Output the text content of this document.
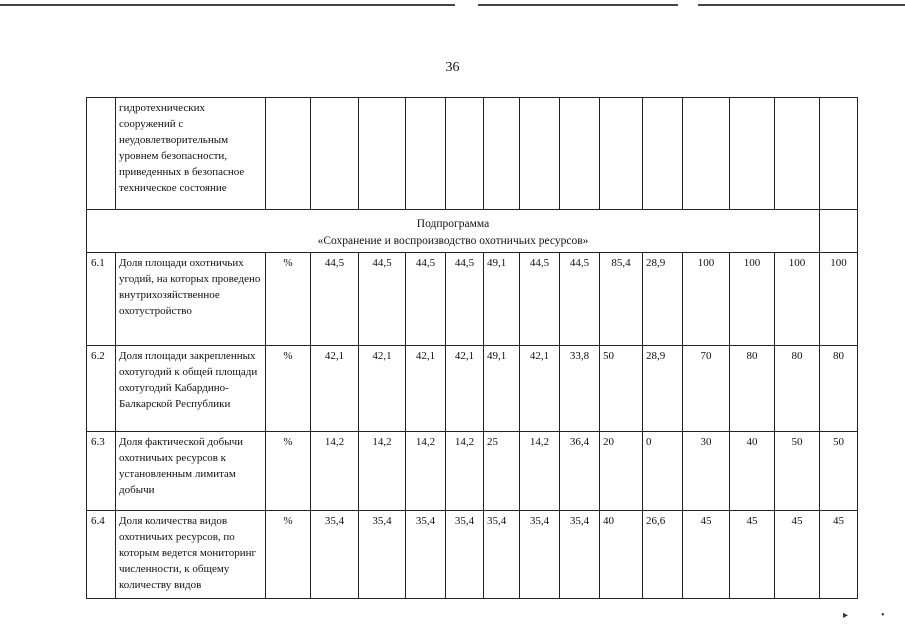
36
	гидротехнических сооружений с неудовлетворительным уровнем безопасности, приведенных в безопасное техническое состояние														

Подпрограмма
«Сохранение и воспроизводство охотничьих ресурсов»															

6.1	Доля площади охотничьих угодий, на которых проведено внутрихозяйственное охотустройство	%	44,5	44,5	44,5	44,5	49,1	44,5	44,5	85,4	28,9	100	100	100	100
6.2	Доля площади закрепленных охотугодий к общей площади охотугодий Кабардино-Балкарской Республики	%	42,1	42,1	42,1	42,1	49,1	42,1	33,8	50	28,9	70	80	80	80
6.3	Доля фактической добычи охотничьих ресурсов к установленным лимитам добычи	%	14,2	14,2	14,2	14,2	25	14,2	36,4	20	0	30	40	50	50
6.4	Доля количества видов охотничьих ресурсов, по которым ведется мониторинг численности, к общему количеству видов	%	35,4	35,4	35,4	35,4	35,4	35,4	35,4	40	26,6	45	45	45	45
▸	•
